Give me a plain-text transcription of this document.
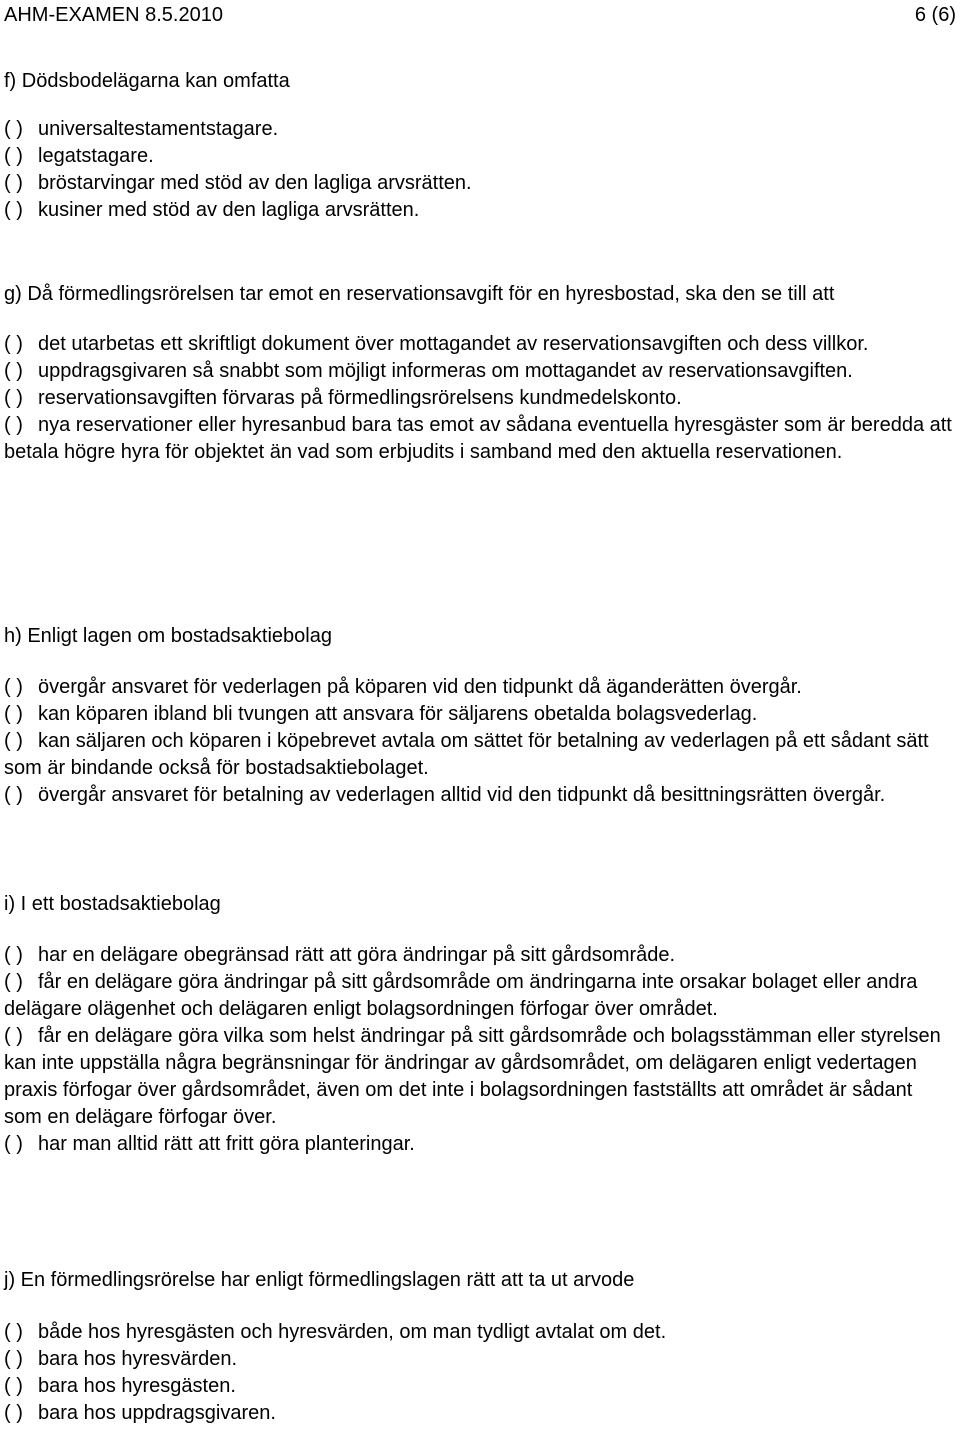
AHM-EXAMEN 8.5.2010	6 (6)

f) Dödsbodelägarna kan omfatta

( ) universaltestamentstagare.

( ) legatstagare.

( ) bröstarvingar med stöd av den lagliga arvsrätten.

( ) kusiner med stöd av den lagliga arvsrätten.

g) Då förmedlingsrörelsen tar emot en reservationsavgift för en hyresbostad, ska den se till att

( ) det utarbetas ett skriftligt dokument över mottagandet av reservationsavgiften och dess villkor.

( ) uppdragsgivaren så snabbt som möjligt informeras om mottagandet av reservationsavgiften.

( ) reservationsavgiften förvaras på förmedlingsrörelsens kundmedelskonto.

( ) nya reservationer eller hyresanbud bara tas emot av sådana eventuella hyresgäster som är beredda att betala högre hyra för objektet än vad som erbjudits i samband med den aktuella reservationen.

h) Enligt lagen om bostadsaktiebolag

( ) övergår ansvaret för vederlagen på köparen vid den tidpunkt då äganderätten övergår.

( ) kan köparen ibland bli tvungen att ansvara för säljarens obetalda bolagsvederlag.

( ) kan säljaren och köparen i köpebrevet avtala om sättet för betalning av vederlagen på ett sådant sätt som är bindande också för bostadsaktiebolaget.

( ) övergår ansvaret för betalning av vederlagen alltid vid den tidpunkt då besittningsrätten övergår.

i) I ett bostadsaktiebolag

( ) har en delägare obegränsad rätt att göra ändringar på sitt gårdsområde.

( ) får en delägare göra ändringar på sitt gårdsområde om ändringarna inte orsakar bolaget eller andra delägare olägenhet och delägaren enligt bolagsordningen förfogar över området.

( ) får en delägare göra vilka som helst ändringar på sitt gårdsområde och bolagsstämman eller styrelsen kan inte uppställa några begränsningar för ändringar av gårdsområdet, om delägaren enligt vedertagen praxis förfogar över gårdsområdet, även om det inte i bolagsordningen fastställts att området är sådant som en delägare förfogar över.

( ) har man alltid rätt att fritt göra planteringar.

j) En förmedlingsrörelse har enligt förmedlingslagen rätt att ta ut arvode

( ) både hos hyresgästen och hyresvärden, om man tydligt avtalat om det.

( ) bara hos hyresvärden.

( ) bara hos hyresgästen.

( ) bara hos uppdragsgivaren.
